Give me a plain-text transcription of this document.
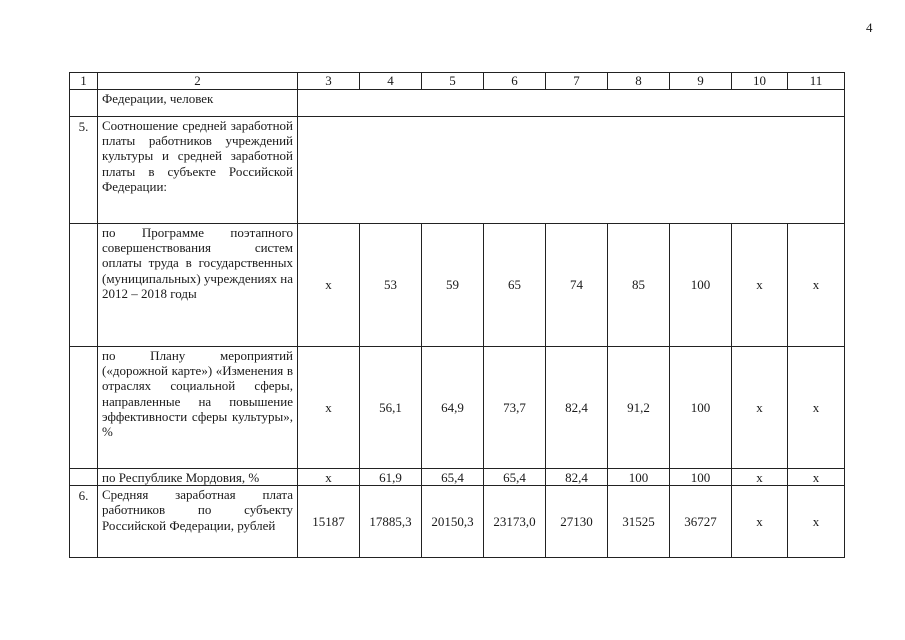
4
1	2	3	4	5	6	7	8	9	10	11
	Федерации, человек									
5.	Соотношение средней заработной платы работников учреждений культуры и средней заработной платы в субъекте Российской Федерации:									
	по Программе поэтапного совершенствования систем оплаты труда в государственных (муниципальных) учреждениях на 2012 – 2018 годы	х	53	59	65	74	85	100	х	х
	по Плану мероприятий («дорожной карте») «Изменения в отраслях социальной сферы, направленные на повышение эффективности сферы культуры», %	х	56,1	64,9	73,7	82,4	91,2	100	х	х
	по Республике Мордовия, %	х	61,9	65,4	65,4	82,4	100	100	х	х
6.	Средняя заработная плата работников по субъекту Российской Федерации, рублей	15187	17885,3	20150,3	23173,0	27130	31525	36727	х	х
